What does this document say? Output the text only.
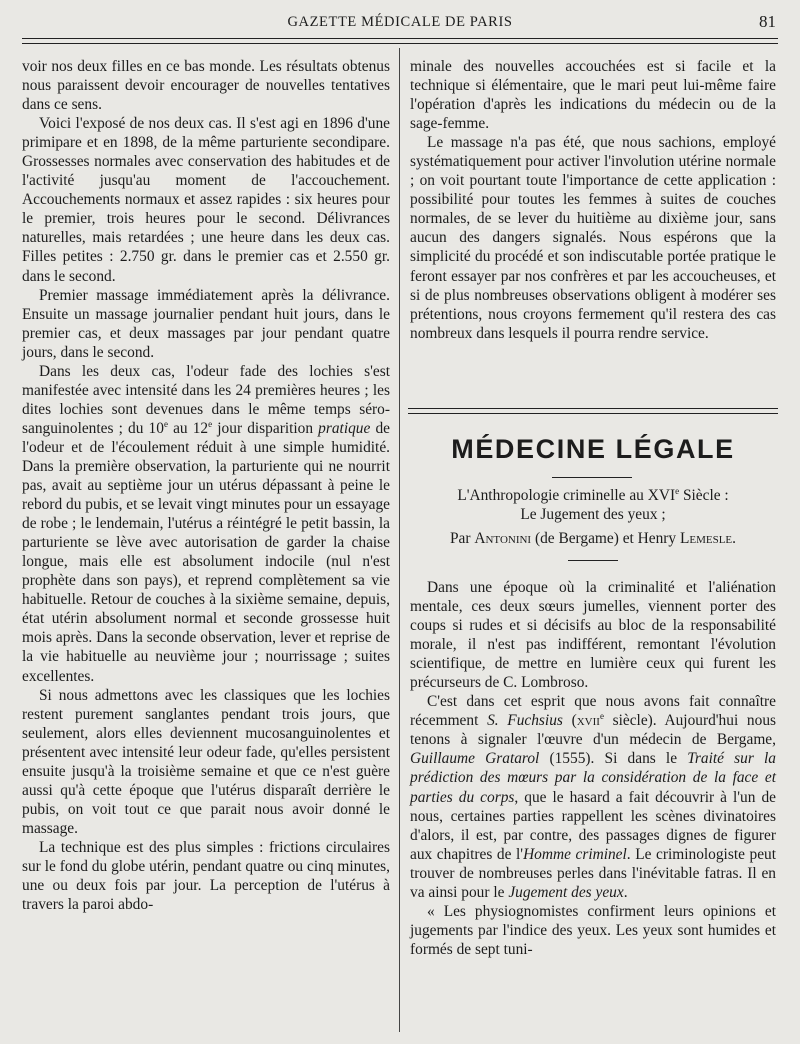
GAZETTE MÉDICALE DE PARIS	81

voir nos deux filles en ce bas monde. Les résultats obtenus nous paraissent devoir encourager de nouvelles tentatives dans ce sens.

Voici l'exposé de nos deux cas. Il s'est agi en 1896 d'une primipare et en 1898, de la même parturiente secondipare. Grossesses normales avec conservation des habitudes et de l'activité jusqu'au moment de l'accouchement. Accouchements normaux et assez rapides : six heures pour le premier, trois heures pour le second. Délivrances naturelles, mais retardées ; une heure dans les deux cas. Filles petites : 2.750 gr. dans le premier cas et 2.550 gr. dans le second.

Premier massage immédiatement après la délivrance. Ensuite un massage journalier pendant huit jours, dans le premier cas, et deux massages par jour pendant quatre jours, dans le second.

Dans les deux cas, l'odeur fade des lochies s'est manifestée avec intensité dans les 24 premières heures ; les dites lochies sont devenues dans le même temps séro-sanguinolentes ; du 10e au 12e jour disparition pratique de l'odeur et de l'écoulement réduit à une simple humidité. Dans la première observation, la parturiente qui ne nourrit pas, avait au septième jour un utérus dépassant à peine le rebord du pubis, et se levait vingt minutes pour un essayage de robe ; le lendemain, l'utérus a réintégré le petit bassin, la parturiente se lève avec autorisation de garder la chaise longue, mais elle est absolument indocile (nul n'est prophète dans son pays), et reprend complètement sa vie habituelle. Retour de couches à la sixième semaine, depuis, état utérin absolument normal et seconde grossesse huit mois après. Dans la seconde observation, lever et reprise de la vie habituelle au neuvième jour ; nourrissage ; suites excellentes.

Si nous admettons avec les classiques que les lochies restent purement sanglantes pendant trois jours, que seulement, alors elles deviennent mucosanguinolentes et présentent avec intensité leur odeur fade, qu'elles persistent ensuite jusqu'à la troisième semaine et que ce n'est guère aussi qu'à cette époque que l'utérus disparaît derrière le pubis, on voit tout ce que parait nous avoir donné le massage.

La technique est des plus simples : frictions circulaires sur le fond du globe utérin, pendant quatre ou cinq minutes, une ou deux fois par jour. La perception de l'utérus à travers la paroi abdo-

minale des nouvelles accouchées est si facile et la technique si élémentaire, que le mari peut lui-même faire l'opération d'après les indications du médecin ou de la sage-femme.

Le massage n'a pas été, que nous sachions, employé systématiquement pour activer l'involution utérine normale ; on voit pourtant toute l'importance de cette application : possibilité pour toutes les femmes à suites de couches normales, de se lever du huitième au dixième jour, sans aucun des dangers signalés. Nous espérons que la simplicité du procédé et son indiscutable portée pratique le feront essayer par nos confrères et par les accoucheuses, et si de plus nombreuses observations obligent à modérer ses prétentions, nous croyons fermement qu'il restera des cas nombreux dans lesquels il pourra rendre service.

MÉDECINE LÉGALE
L'Anthropologie criminelle au XVIe Siècle :
Le Jugement des yeux ;
Par Antonini (de Bergame) et Henry Lemesle.

Dans une époque où la criminalité et l'aliénation mentale, ces deux sœurs jumelles, viennent porter des coups si rudes et si décisifs au bloc de la responsabilité morale, il n'est pas indifférent, remontant l'évolution scientifique, de mettre en lumière ceux qui furent les précurseurs de C. Lombroso.

C'est dans cet esprit que nous avons fait connaître récemment S. Fuchsius (xvii$^e$ siècle). Aujourd'hui nous tenons à signaler l'œuvre d'un médecin de Bergame, Guillaume Gratarol (1555). Si dans le Traité sur la prédiction des mœurs par la considération de la face et parties du corps, que le hasard a fait découvrir à l'un de nous, certaines parties rappellent les scènes divinatoires d'alors, il est, par contre, des passages dignes de figurer aux chapitres de l'Homme criminel. Le criminologiste peut trouver de nombreuses perles dans l'inévitable fatras. Il en va ainsi pour le Jugement des yeux.

« Les physiognomistes confirment leurs opinions et jugements par l'indice des yeux. Les yeux sont humides et formés de sept tuni-
